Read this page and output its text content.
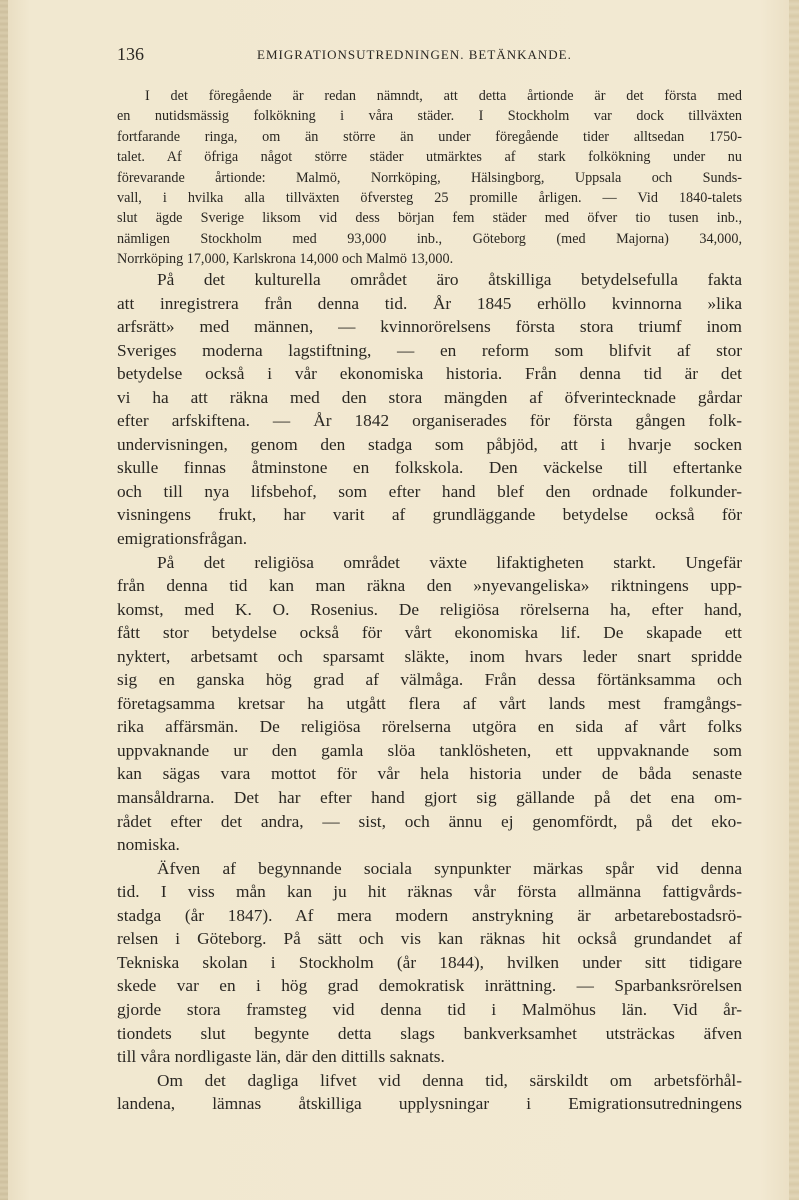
136	EMIGRATIONSUTREDNINGEN. BETÄNKANDE.
I det föregående är redan nämndt, att detta årtionde är det första med
en nutidsmässig folkökning i våra städer. I Stockholm var dock tillväxten
fortfarande ringa, om än större än under föregående tider alltsedan 1750-
talet. Af öfriga något större städer utmärktes af stark folkökning under nu
förevarande årtionde: Malmö, Norrköping, Hälsingborg, Uppsala och Sunds-
vall, i hvilka alla tillväxten öfversteg 25 promille årligen. — Vid 1840-talets
slut ägde Sverige liksom vid dess början fem städer med öfver tio tusen inb.,
nämligen Stockholm med 93,000 inb., Göteborg (med Majorna) 34,000,
Norrköping 17,000, Karlskrona 14,000 och Malmö 13,000.
På det kulturella området äro åtskilliga betydelsefulla fakta
att inregistrera från denna tid. År 1845 erhöllo kvinnorna »lika
arfsrätt» med männen, — kvinnorörelsens första stora triumf inom
Sveriges moderna lagstiftning, — en reform som blifvit af stor
betydelse också i vår ekonomiska historia. Från denna tid är det
vi ha att räkna med den stora mängden af öfverintecknade gårdar
efter arfskiftena. — År 1842 organiserades för första gången folk-
undervisningen, genom den stadga som påbjöd, att i hvarje socken
skulle finnas åtminstone en folkskola. Den väckelse till eftertanke
och till nya lifsbehof, som efter hand blef den ordnade folkunder-
visningens frukt, har varit af grundläggande betydelse också för
emigrationsfrågan.
På det religiösa området växte lifaktigheten starkt. Ungefär
från denna tid kan man räkna den »nyevangeliska» riktningens upp-
komst, med K. O. Rosenius. De religiösa rörelserna ha, efter hand,
fått stor betydelse också för vårt ekonomiska lif. De skapade ett
nyktert, arbetsamt och sparsamt släkte, inom hvars leder snart spridde
sig en ganska hög grad af välmåga. Från dessa förtänksamma och
företagsamma kretsar ha utgått flera af vårt lands mest framgångs-
rika affärsmän. De religiösa rörelserna utgöra en sida af vårt folks
uppvaknande ur den gamla slöa tanklösheten, ett uppvaknande som
kan sägas vara mottot för vår hela historia under de båda senaste
mansåldrarna. Det har efter hand gjort sig gällande på det ena om-
rådet efter det andra, — sist, och ännu ej genomfördt, på det eko-
nomiska.
Äfven af begynnande sociala synpunkter märkas spår vid denna
tid. I viss mån kan ju hit räknas vår första allmänna fattigvårds-
stadga (år 1847). Af mera modern anstrykning är arbetarebostadsrö-
relsen i Göteborg. På sätt och vis kan räknas hit också grundandet af
Tekniska skolan i Stockholm (år 1844), hvilken under sitt tidigare
skede var en i hög grad demokratisk inrättning. — Sparbanksrörelsen
gjorde stora framsteg vid denna tid i Malmöhus län. Vid år-
tiondets slut begynte detta slags bankverksamhet utsträckas äfven
till våra nordligaste län, där den dittills saknats.
Om det dagliga lifvet vid denna tid, särskildt om arbetsförhål-
landena, lämnas åtskilliga upplysningar i Emigrationsutredningens
